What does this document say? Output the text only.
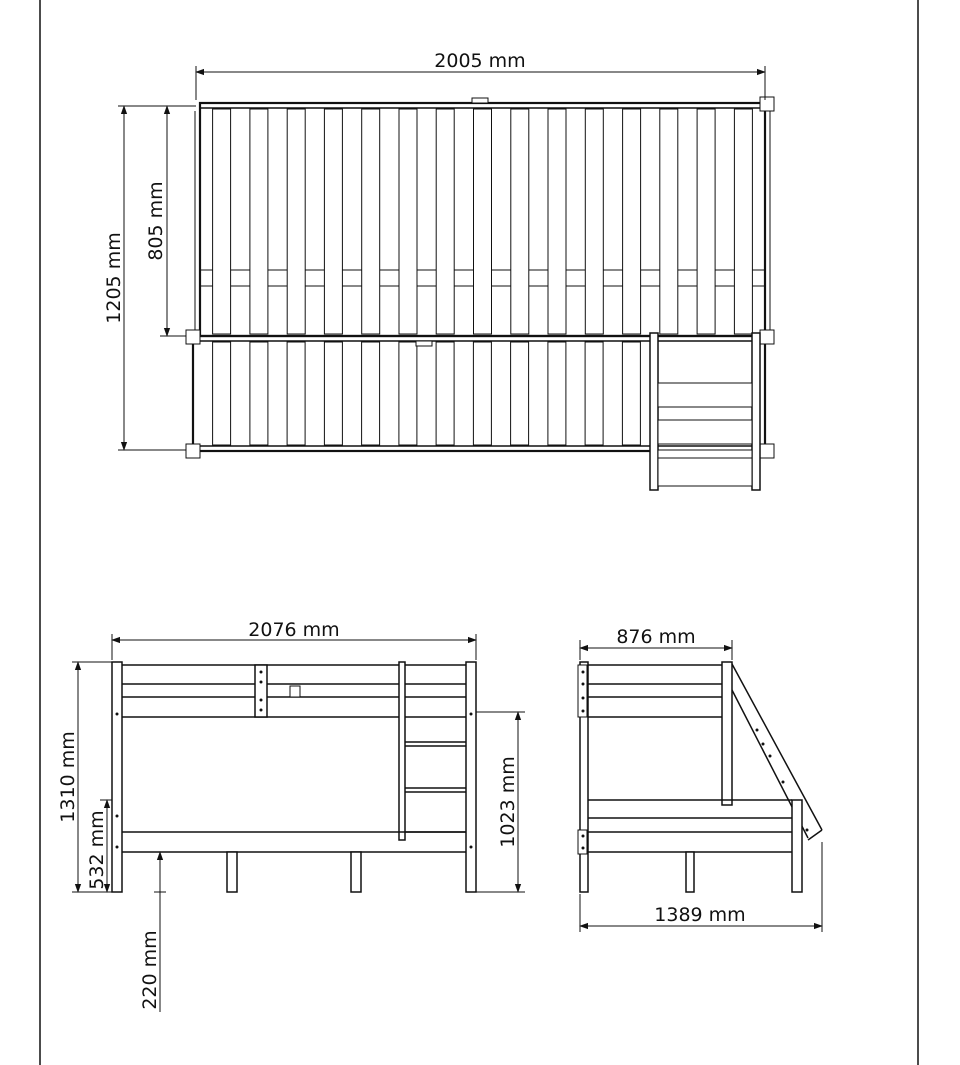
2005 mm
1205 mm
805 mm
2076 mm
1310 mm
532 mm
220 mm
1023 mm
876 mm
1389 mm
